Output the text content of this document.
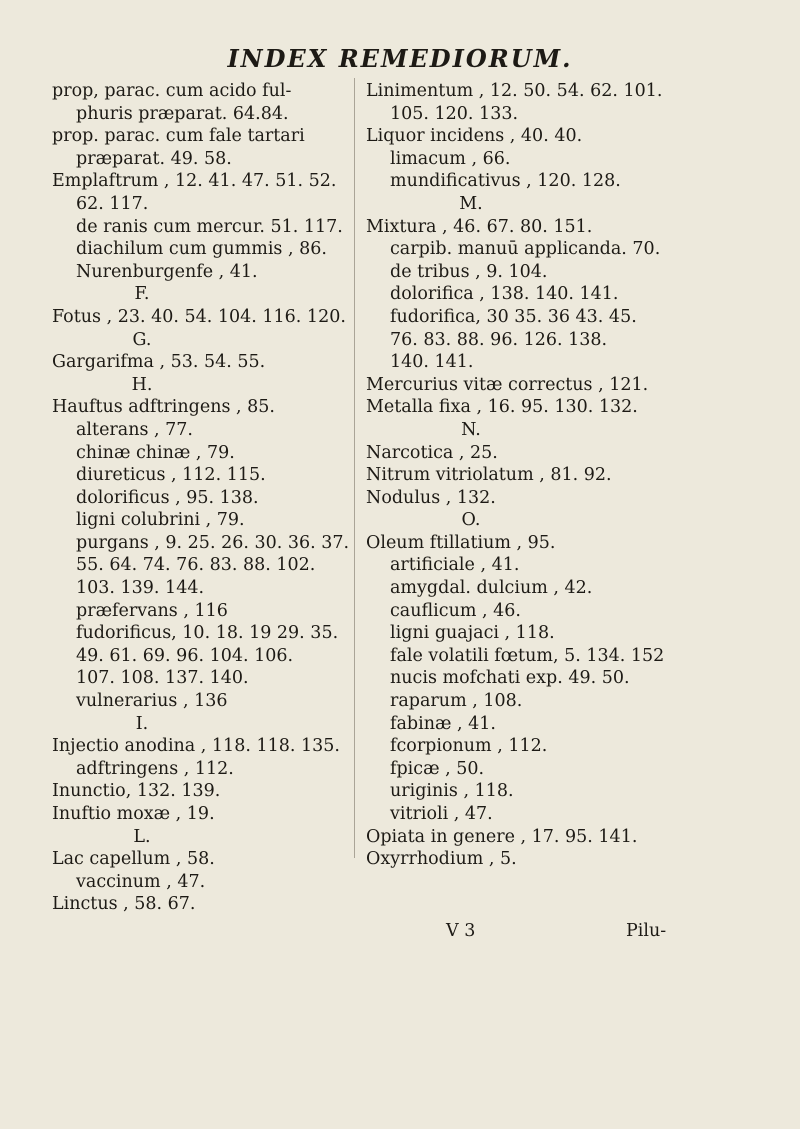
INDEX REMEDIORUM.
prop, parac. cum acido ful-
phuris præparat. 64.84.
prop. parac. cum fale tartari
præparat. 49. 58.
Emplaftrum , 12. 41. 47. 51. 52.
62. 117.
de ranis cum mercur. 51. 117.
diachilum cum gummis , 86.
Nurenburgenfe , 41.
F.
Fotus , 23. 40. 54. 104. 116. 120.
G.
Gargarifma , 53. 54. 55.
H.
Hauftus adftringens , 85.
alterans , 77.
chinæ chinæ , 79.
diureticus , 112. 115.
dolorificus , 95. 138.
ligni colubrini , 79.
purgans , 9. 25. 26. 30. 36. 37.
55. 64. 74. 76. 83. 88. 102.
103. 139. 144.
præfervans , 116
fudorificus, 10. 18. 19 29. 35.
49. 61. 69. 96. 104. 106.
107. 108. 137. 140.
vulnerarius , 136
I.
Injectio anodina , 118. 118. 135.
adftringens , 112.
Inunctio, 132. 139.
Inuftio moxæ , 19.
L.
Lac capellum , 58.
vaccinum , 47.
Linctus , 58. 67.
Linimentum , 12. 50. 54. 62. 101.
105. 120. 133.
Liquor incidens , 40. 40.
limacum , 66.
mundificativus , 120. 128.
M.
Mixtura , 46. 67. 80. 151.
carpib. manuū applicanda. 70.
de tribus , 9. 104.
dolorifica , 138. 140. 141.
fudorifica, 30 35. 36 43. 45.
76. 83. 88. 96. 126. 138.
140. 141.
Mercurius vitæ correctus , 121.
Metalla fixa , 16. 95. 130. 132.
N.
Narcotica , 25.
Nitrum vitriolatum , 81. 92.
Nodulus , 132.
O.
Oleum ftillatium , 95.
artificiale , 41.
amygdal. dulcium , 42.
cauflicum , 46.
ligni guajaci , 118.
fale volatili fœtum, 5. 134. 152
nucis mofchati exp. 49. 50.
raparum , 108.
fabinæ , 41.
fcorpionum , 112.
fpicæ , 50.
uriginis , 118.
vitrioli , 47.
Opiata in genere , 17. 95. 141.
Oxyrrhodium , 5.
V 3	Pilu-
